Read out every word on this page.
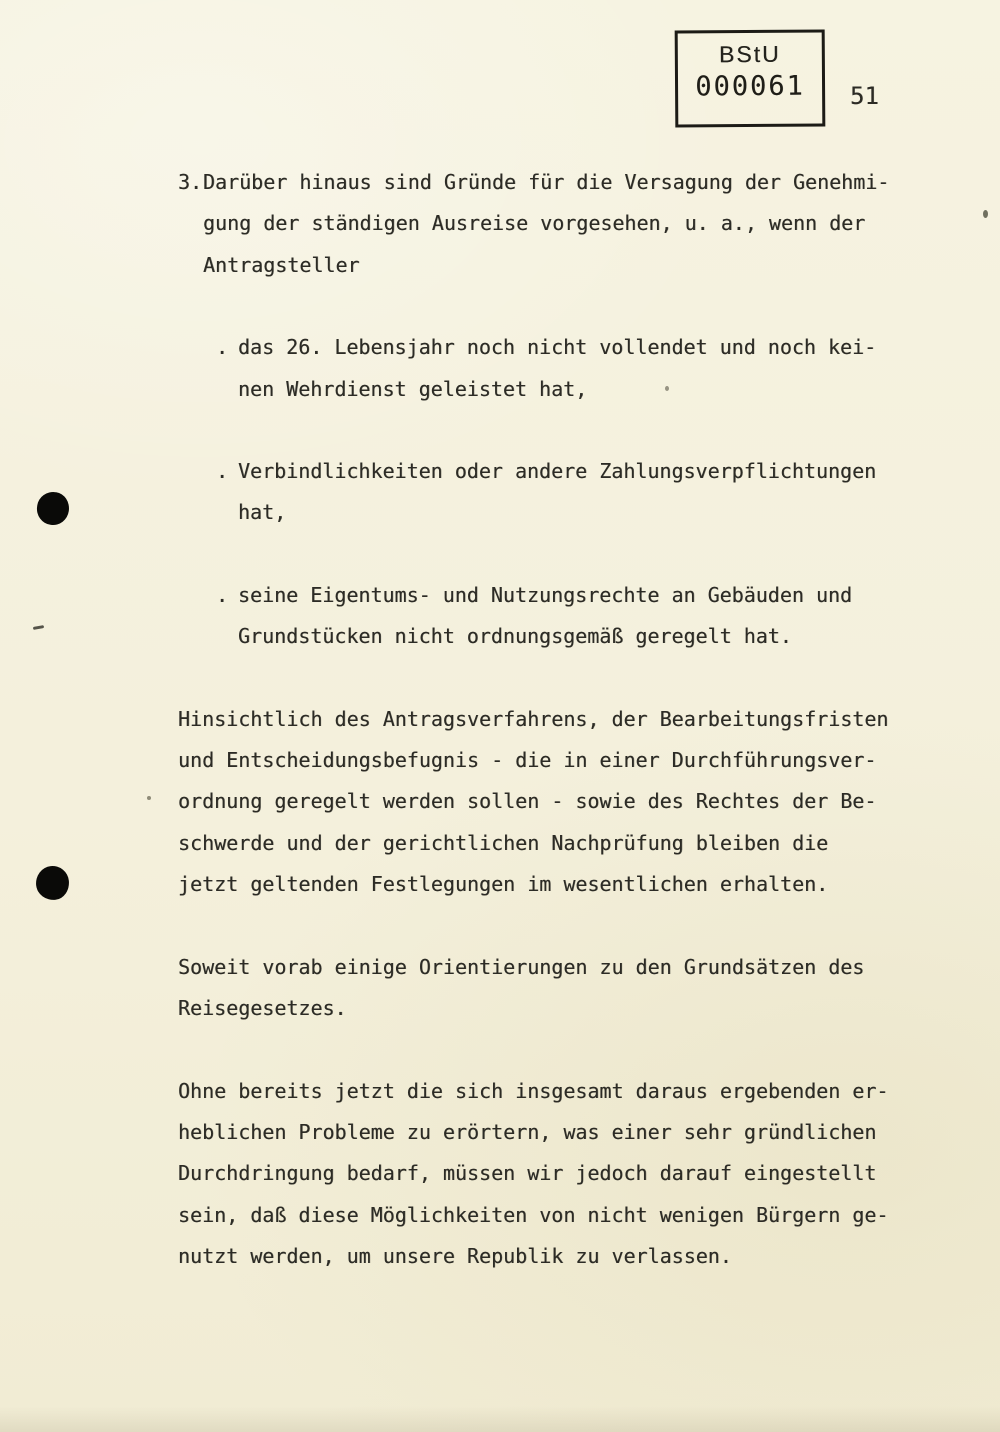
BStU
000061	51
3. Darüber hinaus sind Gründe für die Versagung der Genehmi-
gung der ständigen Ausreise vorgesehen, u. a., wenn der
Antragsteller
. das 26. Lebensjahr noch nicht vollendet und noch kei-
nen Wehrdienst geleistet hat,
. Verbindlichkeiten oder andere Zahlungsverpflichtungen
hat,
. seine Eigentums- und Nutzungsrechte an Gebäuden und
Grundstücken nicht ordnungsgemäß geregelt hat.
Hinsichtlich des Antragsverfahrens, der Bearbeitungsfristen
und Entscheidungsbefugnis - die in einer Durchführungsver-
ordnung geregelt werden sollen - sowie des Rechtes der Be-
schwerde und der gerichtlichen Nachprüfung bleiben die
jetzt geltenden Festlegungen im wesentlichen erhalten.
Soweit vorab einige Orientierungen zu den Grundsätzen des
Reisegesetzes.
Ohne bereits jetzt die sich insgesamt daraus ergebenden er-
heblichen Probleme zu erörtern, was einer sehr gründlichen
Durchdringung bedarf, müssen wir jedoch darauf eingestellt
sein, daß diese Möglichkeiten von nicht wenigen Bürgern ge-
nutzt werden, um unsere Republik zu verlassen.
